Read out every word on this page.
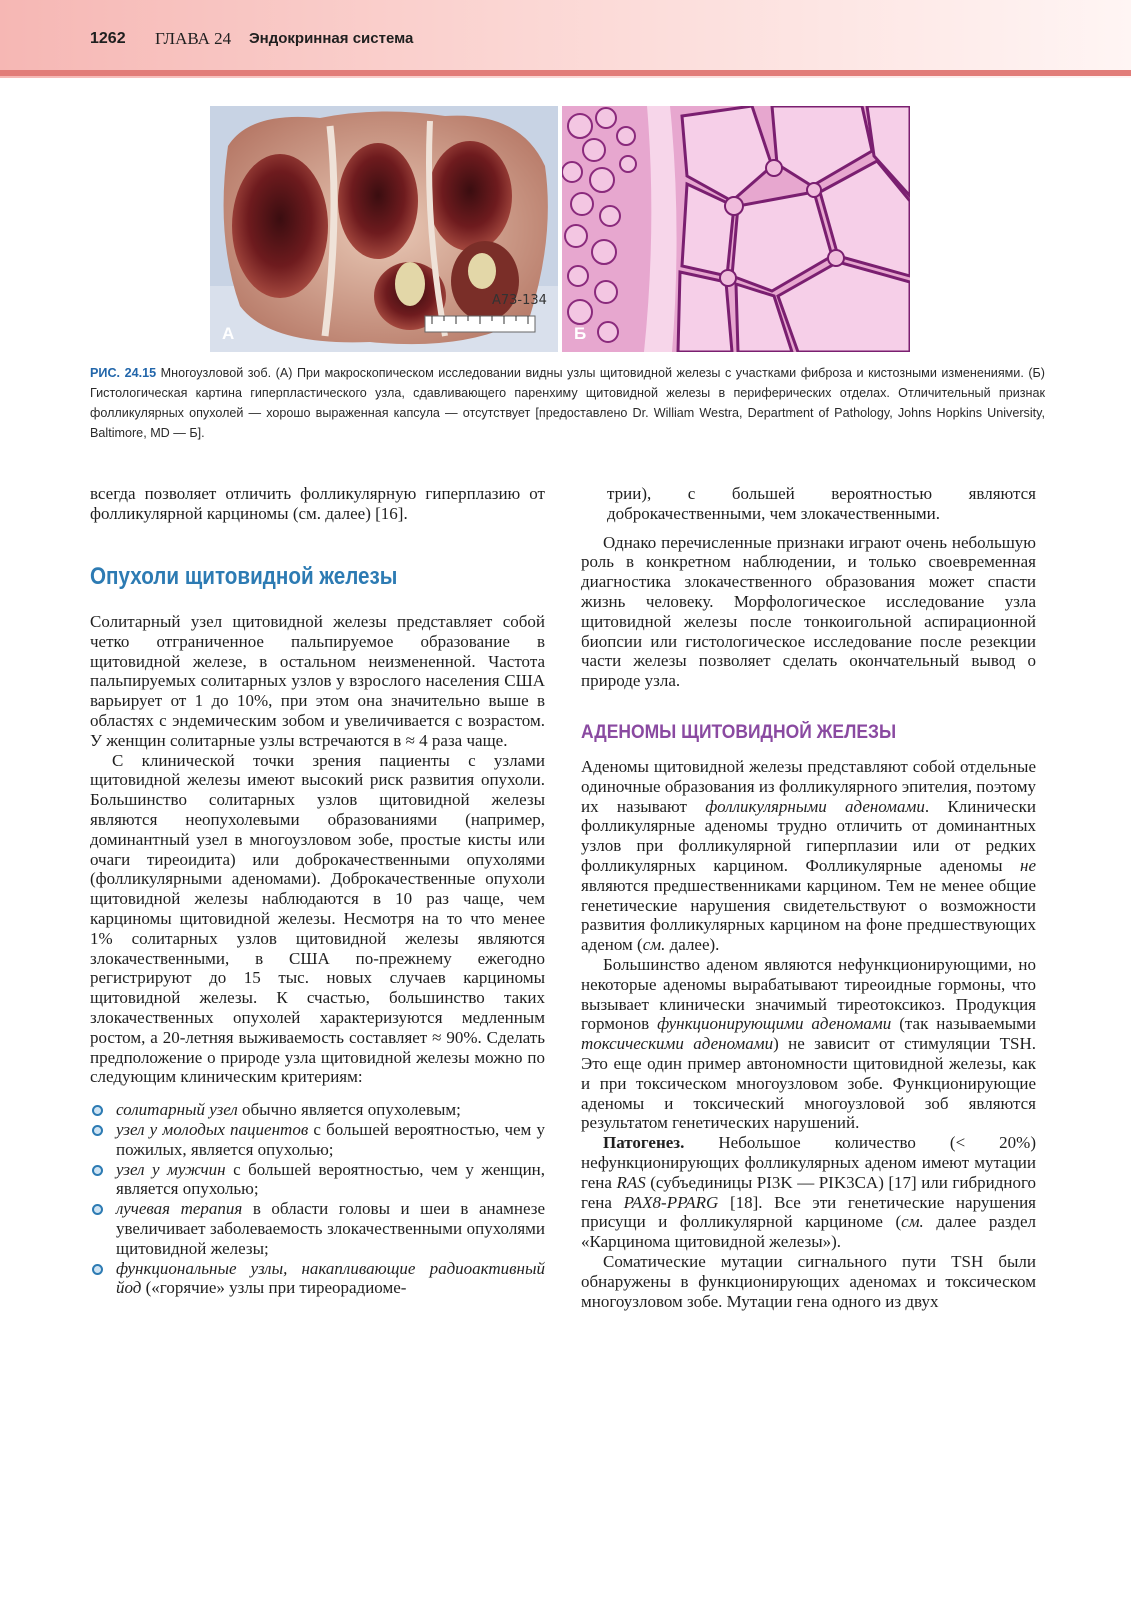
1262 ГЛАВА 24 Эндокринная система
A73-134
А	Б
РИС. 24.15 Многоузловой зоб. (А) При макроскопическом исследовании видны узлы щитовидной железы с участками фиброза и кистозными изменениями. (Б) Гистологическая картина гиперпластического узла, сдавливающего паренхиму щитовидной железы в периферических отделах. Отличительный признак фолликулярных опухолей — хорошо выраженная капсула — отсутствует [предоставлено Dr. William Westra, Department of Pathology, Johns Hopkins University, Baltimore, MD — Б].

всегда позволяет отличить фолликулярную гиперплазию от фолликулярной карциномы (см. далее) [16].

Опухоли щитовидной железы

Солитарный узел щитовидной железы представляет собой четко отграниченное пальпируемое образование в щитовидной железе, в остальном неизмененной. Частота пальпируемых солитарных узлов у взрослого населения США варьирует от 1 до 10%, при этом она значительно выше в областях с эндемическим зобом и увеличивается с возрастом. У женщин солитарные узлы встречаются в ≈ 4 раза чаще.

С клинической точки зрения пациенты с узлами щитовидной железы имеют высокий риск развития опухоли. Большинство солитарных узлов щитовидной железы являются неопухолевыми образованиями (например, доминантный узел в многоузловом зобе, простые кисты или очаги тиреоидита) или доброкачественными опухолями (фолликулярными аденомами). Доброкачественные опухоли щитовидной железы наблюдаются в 10 раз чаще, чем карциномы щитовидной железы. Несмотря на то что менее 1% солитарных узлов щитовидной железы являются злокачественными, в США по-прежнему ежегодно регистрируют до 15 тыс. новых случаев карциномы щитовидной железы. К счастью, большинство таких злокачественных опухолей характеризуются медленным ростом, а 20-летняя выживаемость составляет ≈ 90%. Сделать предположение о природе узла щитовидной железы можно по следующим клиническим критериям:

солитарный узел обычно является опухолевым;
узел у молодых пациентов с большей вероятностью, чем у пожилых, является опухолью;
узел у мужчин с большей вероятностью, чем у женщин, является опухолью;
лучевая терапия в области головы и шеи в анамнезе увеличивает заболеваемость злокачественными опухолями щитовидной железы;
функциональные узлы, накапливающие радиоактивный йод («горячие» узлы при тиреорадиоме-
трии), с большей вероятностью являются доброкачественными, чем злокачественными.

Однако перечисленные признаки играют очень небольшую роль в конкретном наблюдении, и только своевременная диагностика злокачественного образования может спасти жизнь человеку. Морфологическое исследование узла щитовидной железы после тонкоигольной аспирационной биопсии или гистологическое исследование после резекции части железы позволяет сделать окончательный вывод о природе узла.

АДЕНОМЫ ЩИТОВИДНОЙ ЖЕЛЕЗЫ

Аденомы щитовидной железы представляют собой отдельные одиночные образования из фолликулярного эпителия, поэтому их называют фолликулярными аденомами. Клинически фолликулярные аденомы трудно отличить от доминантных узлов при фолликулярной гиперплазии или от редких фолликулярных карцином. Фолликулярные аденомы не являются предшественниками карцином. Тем не менее общие генетические нарушения свидетельствуют о возможности развития фолликулярных карцином на фоне предшествующих аденом (см. далее).

Большинство аденом являются нефункционирующими, но некоторые аденомы вырабатывают тиреоидные гормоны, что вызывает клинически значимый тиреотоксикоз. Продукция гормонов функционирующими аденомами (так называемыми токсическими аденомами) не зависит от стимуляции TSH. Это еще один пример автономности щитовидной железы, как и при токсическом многоузловом зобе. Функционирующие аденомы и токсический многоузловой зоб являются результатом генетических нарушений.

Патогенез. Небольшое количество (< 20%) нефункционирующих фолликулярных аденом имеют мутации гена RAS (субъединицы PI3K — PIK3CA) [17] или гибридного гена PAX8-PPARG [18]. Все эти генетические нарушения присущи и фолликулярной карциноме (см. далее раздел «Карцинома щитовидной железы»).

Соматические мутации сигнального пути TSH были обнаружены в функционирующих аденомах и токсическом многоузловом зобе. Мутации гена одного из двух
